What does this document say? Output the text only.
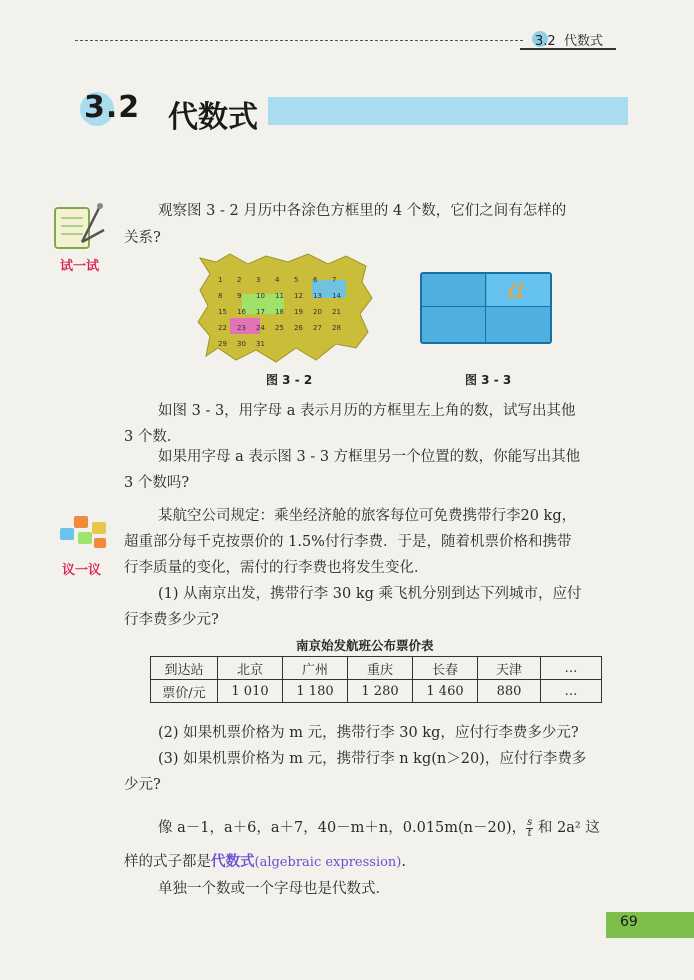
3.2 代数式
3.2 代数式
试一试
观察图 3 - 2 月历中各涂色方框里的 4 个数，它们之间有怎样的
关系?
1 2 3 4 5 6 7
8 9 10 11 12 13 14
15 16 17 18 19 20 21
22 23 24 25 26 27 28
29 30 31
图 3 - 2
a
图 3 - 3
如图 3 - 3，用字母 a 表示月历的方框里左上角的数，试写出其他
3 个数.
如果用字母 a 表示图 3 - 3 方框里另一个位置的数，你能写出其他
3 个数吗?
议一议
某航空公司规定：乘坐经济舱的旅客每位可免费携带行李20 kg，
超重部分每千克按票价的 1.5%付行李费．于是，随着机票价格和携带
行李质量的变化，需付的行李费也将发生变化．
(1) 从南京出发，携带行李 30 kg 乘飞机分别到达下列城市，应付
行李费多少元?
南京始发航班公布票价表
到达站	北京	广州	重庆	长春	天津	…
票价/元	1 010	1 180	1 280	1 460	880	…
(2) 如果机票价格为 m 元，携带行李 30 kg，应付行李费多少元?
(3) 如果机票价格为 m 元，携带行李 n kg(n＞20)，应付行李费多
少元?
像 a－1，a＋6，a＋7，40－m＋n，0.015m(n－20)， $\frac{s}{t}$ 和 2a² 这
样的式子都是代数式(algebraic expression).
单独一个数或一个字母也是代数式．
69
